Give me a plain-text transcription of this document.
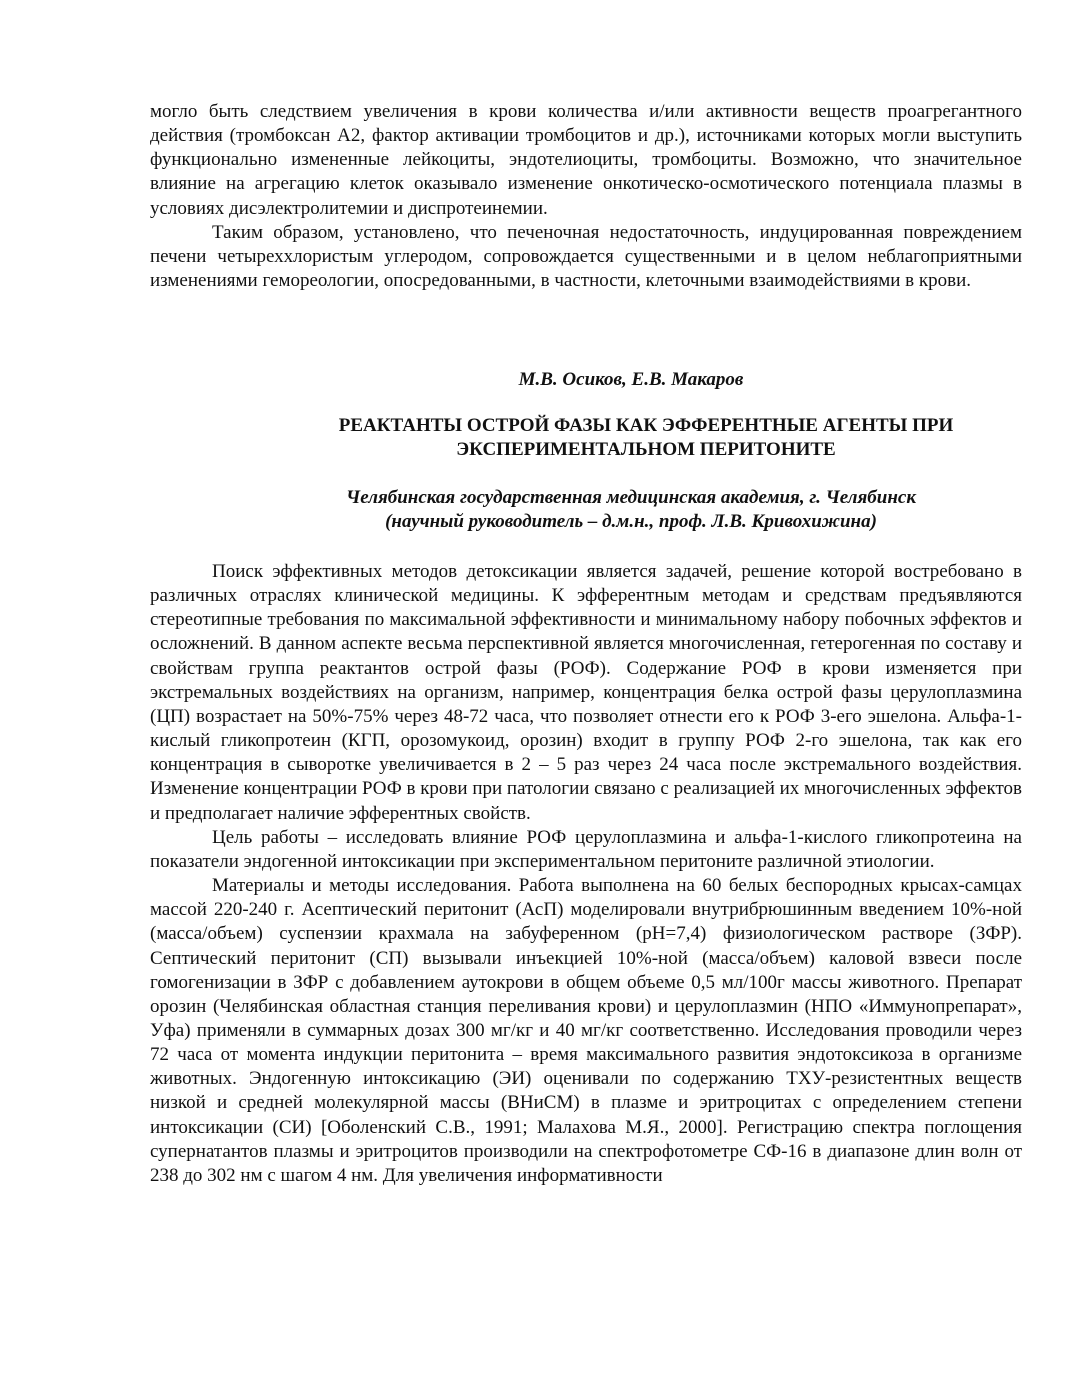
могло быть следствием увеличения в крови количества и/или активности веществ проагрегантного действия (тромбоксан А2, фактор активации тромбоцитов и др.), источниками которых могли выступить функционально измененные лейкоциты, эндотелиоциты, тромбоциты. Возможно, что значительное влияние на агрегацию клеток оказывало изменение онкотическо-осмотического потенциала плазмы в условиях дисэлектролитемии и диспротеинемии.

Таким образом, установлено, что печеночная недостаточность, индуцированная повреждением печени четыреххлористым углеродом, сопровождается существенными и в целом неблагоприятными изменениями гемореологии, опосредованными, в частности, клеточными взаимодействиями в крови.

М.В. Осиков, Е.В. Макаров
РЕАКТАНТЫ ОСТРОЙ ФАЗЫ КАК ЭФФЕРЕНТНЫЕ АГЕНТЫ ПРИ
ЭКСПЕРИМЕНТАЛЬНОМ ПЕРИТОНИТЕ
Челябинская государственная медицинская академия, г. Челябинск
(научный руководитель – д.м.н., проф. Л.В. Кривохижина)

Поиск эффективных методов детоксикации является задачей, решение которой востребовано в различных отраслях клинической медицины. К эфферентным методам и средствам предъявляются стереотипные требования по максимальной эффективности и минимальному набору побочных эффектов и осложнений. В данном аспекте весьма перспективной является многочисленная, гетерогенная по составу и свойствам группа реактантов острой фазы (РОФ). Содержание РОФ в крови изменяется при экстремальных воздействиях на организм, например, концентрация белка острой фазы церулоплазмина (ЦП) возрастает на 50%-75% через 48-72 часа, что позволяет отнести его к РОФ 3-его эшелона. Альфа-1-кислый гликопротеин (КГП, орозомукоид, орозин) входит в группу РОФ 2-го эшелона, так как его концентрация в сыворотке увеличивается в 2 – 5 раз через 24 часа после экстремального воздействия. Изменение концентрации РОФ в крови при патологии связано с реализацией их многочисленных эффектов и предполагает наличие эфферентных свойств.

Цель работы – исследовать влияние РОФ церулоплазмина и альфа-1-кислого гликопротеина на показатели эндогенной интоксикации при экспериментальном перитоните различной этиологии.

Материалы и методы исследования. Работа выполнена на 60 белых беспородных крысах-самцах массой 220-240 г. Асептический перитонит (АсП) моделировали внутрибрюшинным введением 10%-ной (масса/объем) суспензии крахмала на забуференном (рН=7,4) физиологическом растворе (ЗФР). Септический перитонит (СП) вызывали инъекцией 10%-ной (масса/объем) каловой взвеси после гомогенизации в ЗФР с добавлением аутокрови в общем объеме 0,5 мл/100г массы животного. Препарат орозин (Челябинская областная станция переливания крови) и церулоплазмин (НПО «Иммунопрепарат», Уфа) применяли в суммарных дозах 300 мг/кг и 40 мг/кг соответственно. Исследования проводили через 72 часа от момента индукции перитонита – время максимального развития эндотоксикоза в организме животных. Эндогенную интоксикацию (ЭИ) оценивали по содержанию ТХУ-резистентных веществ низкой и средней молекулярной массы (ВНиСМ) в плазме и эритроцитах с определением степени интоксикации (СИ) [Оболенский С.В., 1991; Малахова М.Я., 2000]. Регистрацию спектра поглощения супернатантов плазмы и эритроцитов производили на спектрофотометре СФ-16 в диапазоне длин волн от 238 до 302 нм с шагом 4 нм. Для увеличения информативности
